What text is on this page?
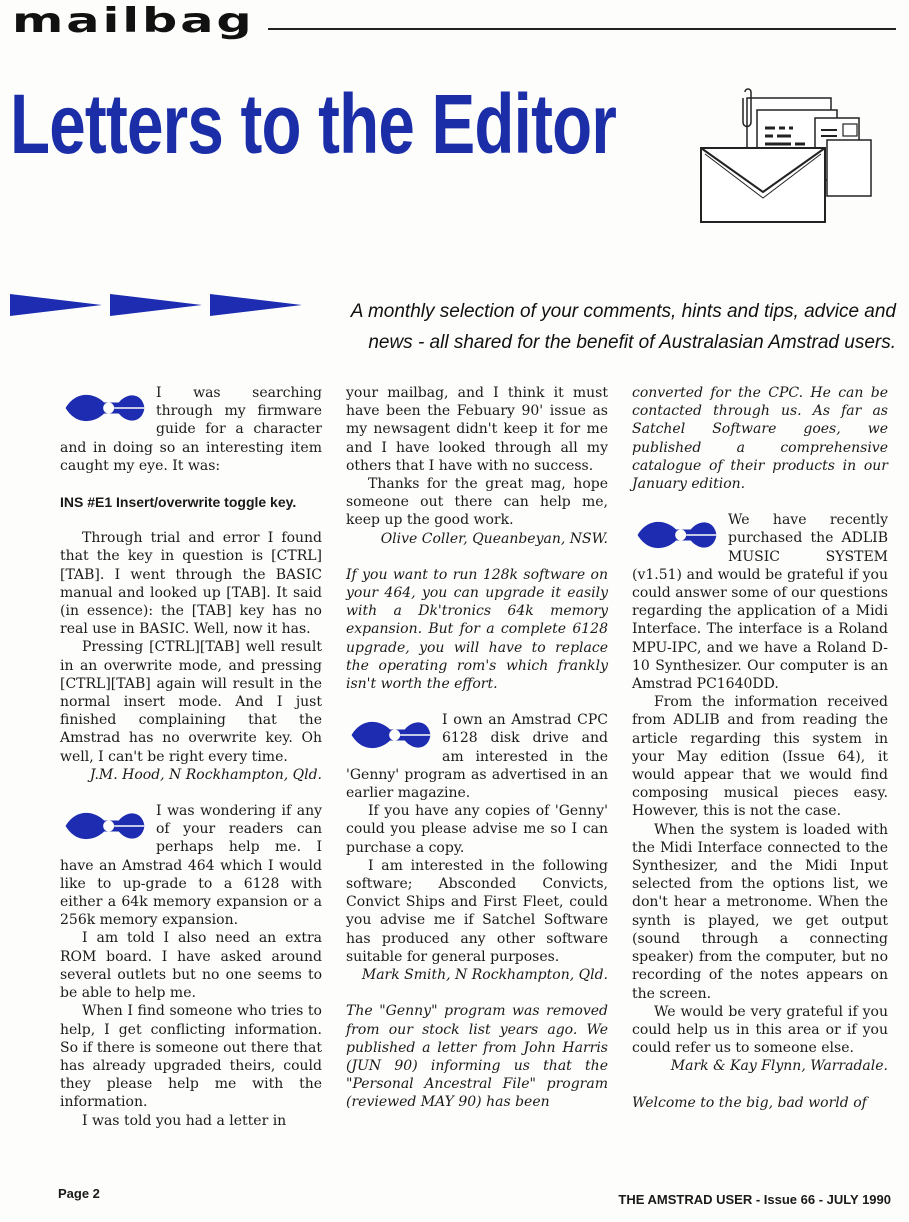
mailbag
Letters to the Editor
A monthly selection of your comments, hints and tips, advice and news - all shared for the benefit of Australasian Amstrad users.

I was searching through my firmware guide for a character and in doing so an interesting item caught my eye. It was:

INS #E1 Insert/overwrite toggle key.

Through trial and error I found that the key in question is [CTRL][TAB]. I went through the BASIC manual and looked up [TAB]. It said (in essence): the [TAB] key has no real use in BASIC. Well, now it has.

Pressing [CTRL][TAB] well result in an overwrite mode, and pressing [CTRL][TAB] again will result in the normal insert mode. And I just finished complaining that the Amstrad has no overwrite key. Oh well, I can't be right every time.

J.M. Hood, N Rockhampton, Qld.

I was wondering if any of your readers can perhaps help me. I have an Amstrad 464 which I would like to up-grade to a 6128 with either a 64k memory expansion or a 256k memory expansion.

I am told I also need an extra ROM board. I have asked around several outlets but no one seems to be able to help me.

When I find someone who tries to help, I get conflicting information. So if there is someone out there that has already upgraded theirs, could they please help me with the information.

I was told you had a letter in

your mailbag, and I think it must have been the Febuary 90' issue as my newsagent didn't keep it for me and I have looked through all my others that I have with no success.

Thanks for the great mag, hope someone out there can help me, keep up the good work.

Olive Coller, Queanbeyan, NSW.

If you want to run 128k software on your 464, you can upgrade it easily with a Dk'tronics 64k memory expansion. But for a complete 6128 upgrade, you will have to replace the operating rom's which frankly isn't worth the effort.

I own an Amstrad CPC 6128 disk drive and am interested in the 'Genny' program as advertised in an earlier magazine.

If you have any copies of 'Genny' could you please advise me so I can purchase a copy.

I am interested in the following software; Absconded Convicts, Convict Ships and First Fleet, could you advise me if Satchel Software has produced any other software suitable for general purposes.

Mark Smith, N Rockhampton, Qld.

The "Genny" program was removed from our stock list years ago. We published a letter from John Harris (JUN 90) informing us that the "Personal Ancestral File" program (reviewed MAY 90) has been

converted for the CPC. He can be contacted through us. As far as Satchel Software goes, we published a comprehensive catalogue of their products in our January edition.

We have recently purchased the ADLIB MUSIC SYSTEM (v1.51) and would be grateful if you could answer some of our questions regarding the application of a Midi Interface. The interface is a Roland MPU-IPC, and we have a Roland D-10 Synthesizer. Our computer is an Amstrad PC1640DD.

From the information received from ADLIB and from reading the article regarding this system in your May edition (Issue 64), it would appear that we would find composing musical pieces easy. However, this is not the case.

When the system is loaded with the Midi Interface connected to the Synthesizer, and the Midi Input selected from the options list, we don't hear a metronome. When the synth is played, we get output (sound through a connecting speaker) from the computer, but no recording of the notes appears on the screen.

We would be very grateful if you could help us in this area or if you could refer us to someone else.

Mark & Kay Flynn, Warradale.

Welcome to the big, bad world of

Page 2	THE AMSTRAD USER - Issue 66 - JULY 1990
